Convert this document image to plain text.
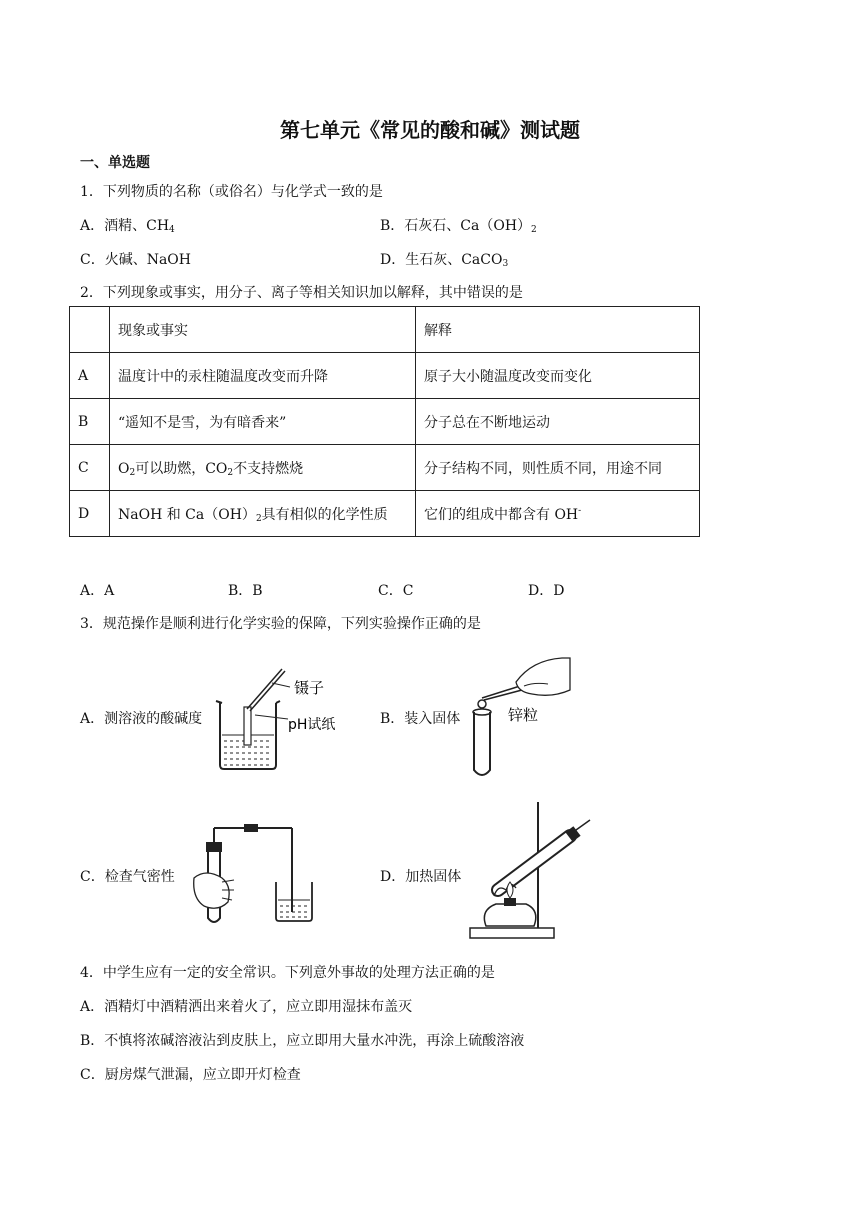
第七单元《常见的酸和碱》测试题
一、单选题
1．下列物质的名称（或俗名）与化学式一致的是
A．酒精、$CH_4$	B．石灰石、$Ca(OH)_2$
C．火碱、NaOH	D．生石灰、CaCO$_3$
2．下列现象或事实，用分子、离子等相关知识加以解释，其中错误的是
	现象或事实	解释
A	温度计中的汞柱随温度改变而升降	原子大小随温度改变而变化
B	“遥知不是雪，为有暗香来”	分子总在不断地运动
C	$O_2$可以助燃，$CO_2$不支持燃烧	分子结构不同，则性质不同，用途不同
D	NaOH 和 $Ca(OH)_2$具有相似的化学性质	它们的组成中都含有 OH-
A．A	B．B	C．C	D．D
3．规范操作是顺利进行化学实验的保障，下列实验操作正确的是
A．测溶液的酸碱度	B．装入固体
C．检查气密性	D．加热固体
镊子
pH试纸
锌粒
4．中学生应有一定的安全常识。下列意外事故的处理方法正确的是
A．酒精灯中酒精洒出来着火了，应立即用湿抹布盖灭
B．不慎将浓碱溶液沾到皮肤上，应立即用大量水冲洗，再涂上硫酸溶液
C．厨房煤气泄漏，应立即开灯检查
